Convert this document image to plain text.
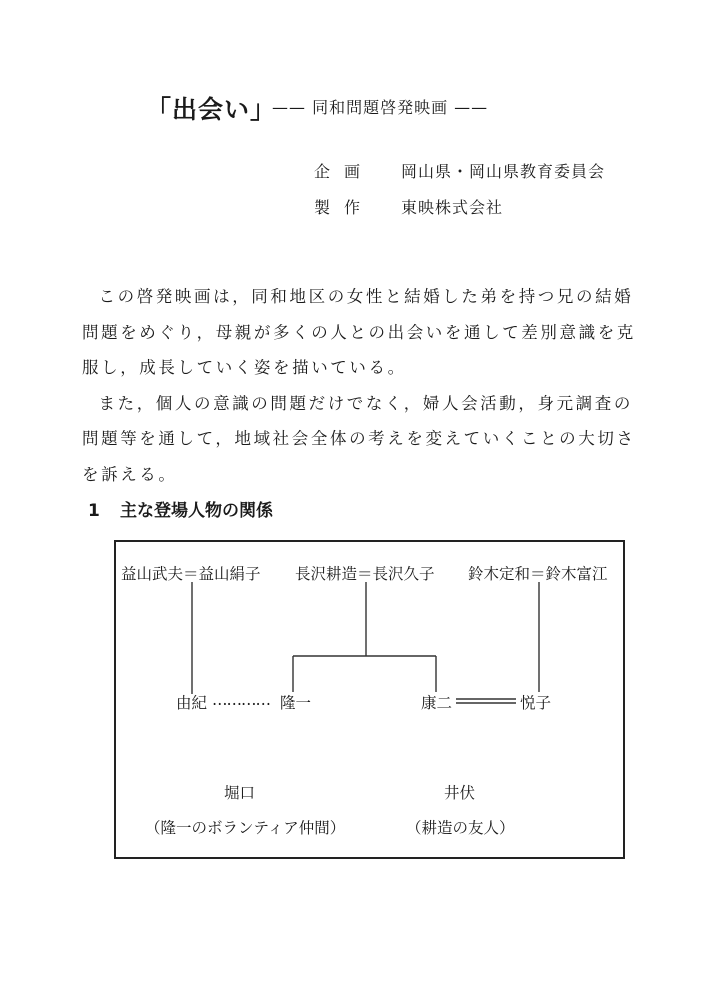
「出会い」
—— 同和問題啓発映画 ——
企画 岡山県・岡山県教育委員会
製作 東映株式会社

この啓発映画は，同和地区の女性と結婚した弟を持つ兄の結婚問題をめぐり，母親が多くの人との出会いを通して差別意識を克服し，成長していく姿を描いている。

また，個人の意識の問題だけでなく，婦人会活動，身元調査の問題等を通して，地域社会全体の考えを変えていくことの大切さを訴える。

1 主な登場人物の関係
益山武夫＝益山絹子 長沢耕造＝長沢久子 鈴木定和＝鈴木富江
由紀 ………… 隆一	康二	悦子
堀口
（隆一のボランティア仲間）
井伏
（耕造の友人）
